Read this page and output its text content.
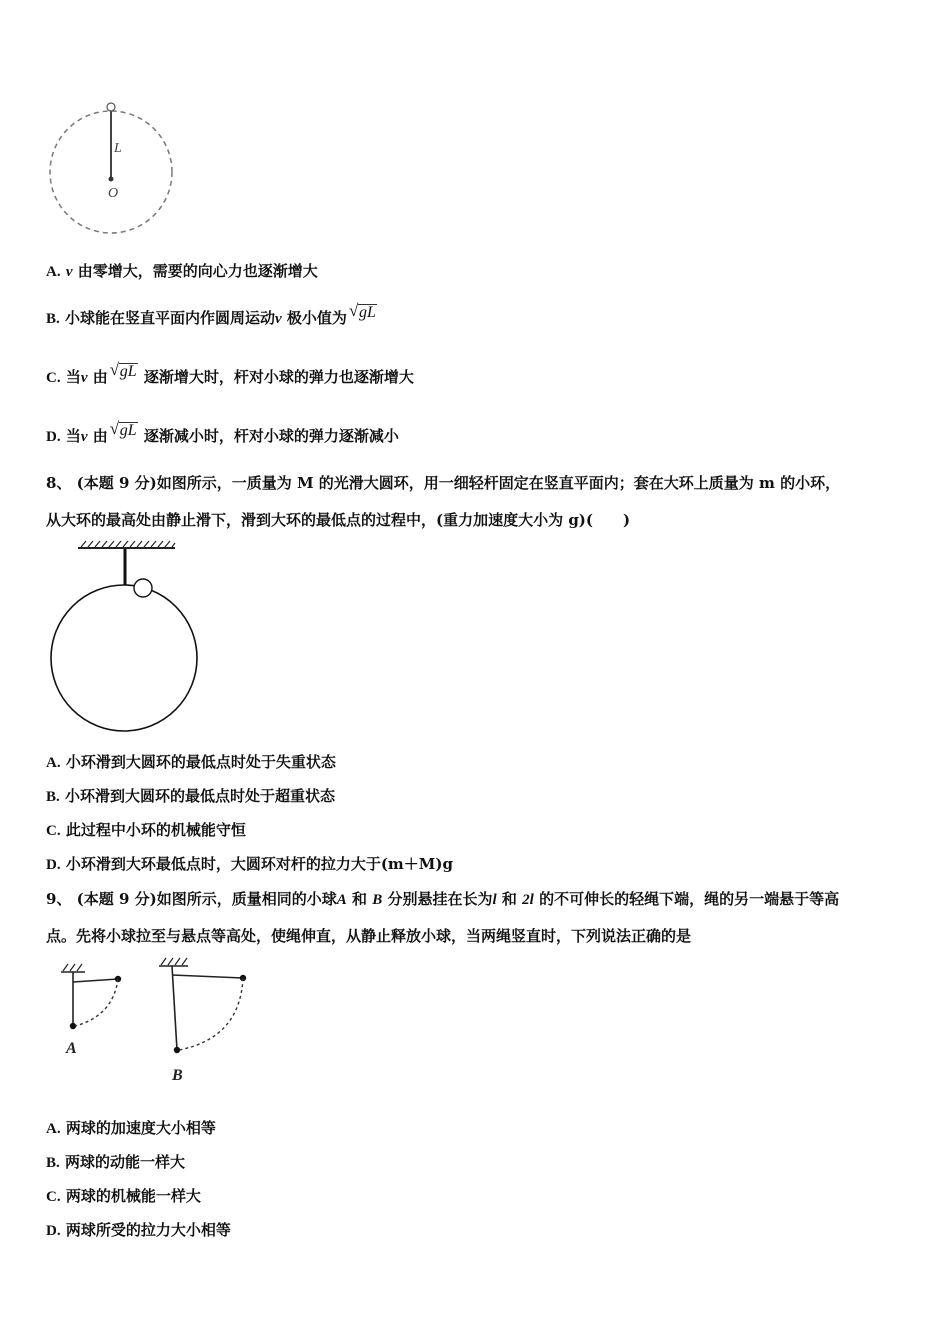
L
O
A. v 由零增大，需要的向心力也逐渐增大
B. 小球能在竖直平面内作圆周运动v 极小值为 √ gL
C. 当v 由 √ gL 逐渐增大时，杆对小球的弹力也逐渐增大
D. 当v 由 √ gL 逐渐减小时，杆对小球的弹力逐渐减小
8、 (本题 9 分)如图所示，一质量为 M 的光滑大圆环，用一细轻杆固定在竖直平面内；套在大环上质量为 m 的小环，
从大环的最高处由静止滑下，滑到大环的最低点的过程中，(重力加速度大小为 g)(　　)
A. 小环滑到大圆环的最低点时处于失重状态
B. 小环滑到大圆环的最低点时处于超重状态
C. 此过程中小环的机械能守恒
D. 小环滑到大环最低点时，大圆环对杆的拉力大于(m＋M)g
9、 (本题 9 分)如图所示，质量相同的小球A 和 B 分别悬挂在长为l 和 2l 的不可伸长的轻绳下端，绳的另一端悬于等高
点。先将小球拉至与悬点等高处，使绳伸直，从静止释放小球，当两绳竖直时，下列说法正确的是
A
B
A. 两球的加速度大小相等
B. 两球的动能一样大
C. 两球的机械能一样大
D. 两球所受的拉力大小相等
